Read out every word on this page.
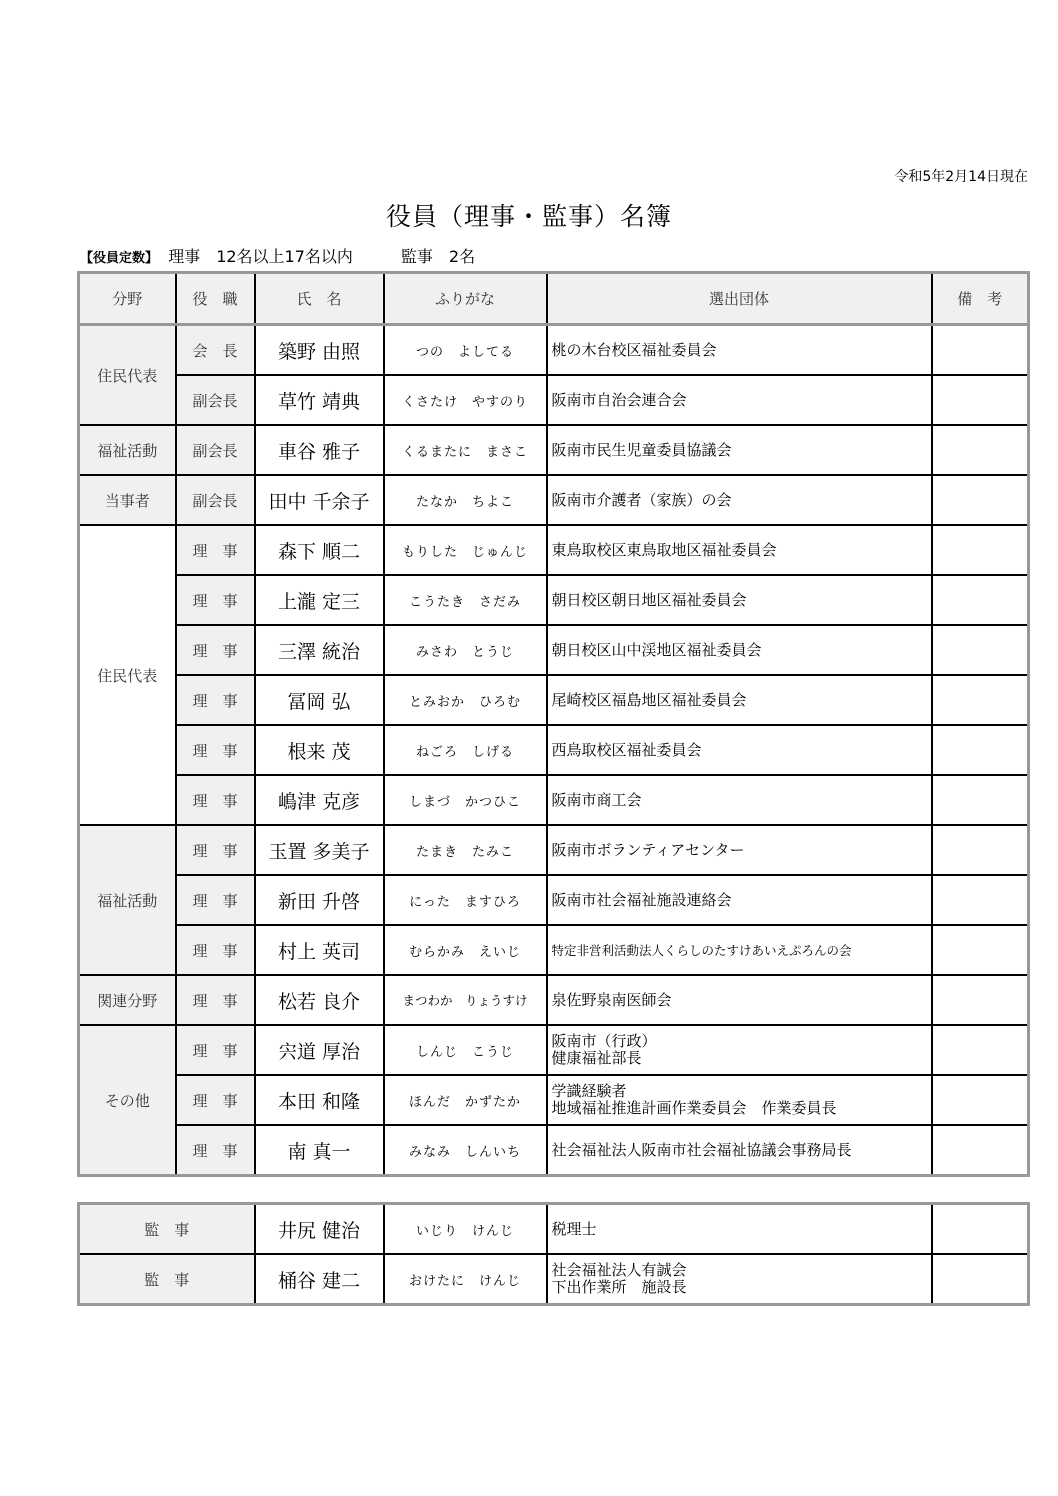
令和5年2月14日現在
役員（理事・監事）名簿
【役員定数】 理事　12名以上17名以内　　　監事　2名
分野	役　職	氏　名	ふりがな	選出団体	備　考
住民代表	会　長	築野 由照	つの　よしてる	桃の木台校区福祉委員会	
	副会長	草竹 靖典	くさたけ　やすのり	阪南市自治会連合会	
福祉活動	副会長	車谷 雅子	くるまたに　まさこ	阪南市民生児童委員協議会	
当事者	副会長	田中 千余子	たなか　ちよこ	阪南市介護者（家族）の会	
住民代表	理　事	森下 順二	もりした　じゅんじ	東鳥取校区東鳥取地区福祉委員会	
	理　事	上瀧 定三	こうたき　さだみ	朝日校区朝日地区福祉委員会	
	理　事	三澤 統治	みさわ　とうじ	朝日校区山中渓地区福祉委員会	
	理　事	冨岡 弘	とみおか　ひろむ	尾崎校区福島地区福祉委員会	
	理　事	根来 茂	ねごろ　しげる	西鳥取校区福祉委員会	
	理　事	嶋津 克彦	しまづ　かつひこ	阪南市商工会	
福祉活動	理　事	玉置 多美子	たまき　たみこ	阪南市ボランティアセンター	
	理　事	新田 升啓	にった　ますひろ	阪南市社会福祉施設連絡会	
	理　事	村上 英司	むらかみ　えいじ	特定非営利活動法人くらしのたすけあいえぷろんの会	
関連分野	理　事	松若 良介	まつわか　りょうすけ	泉佐野泉南医師会	
その他	理　事	宍道 厚治	しんじ　こうじ	阪南市（行政）
健康福祉部長	

	理　事	本田 和隆	ほんだ　かずたか	学識経験者
地域福祉推進計画作業委員会　作業委員長	

	理　事	南 真一	みなみ　しんいち	社会福祉法人阪南市社会福祉協議会事務局長	
監　事	井尻 健治	いじり　けんじ	税理士	
監　事	桶谷 建二	おけたに　けんじ	社会福祉法人有誠会
下出作業所　施設長	
